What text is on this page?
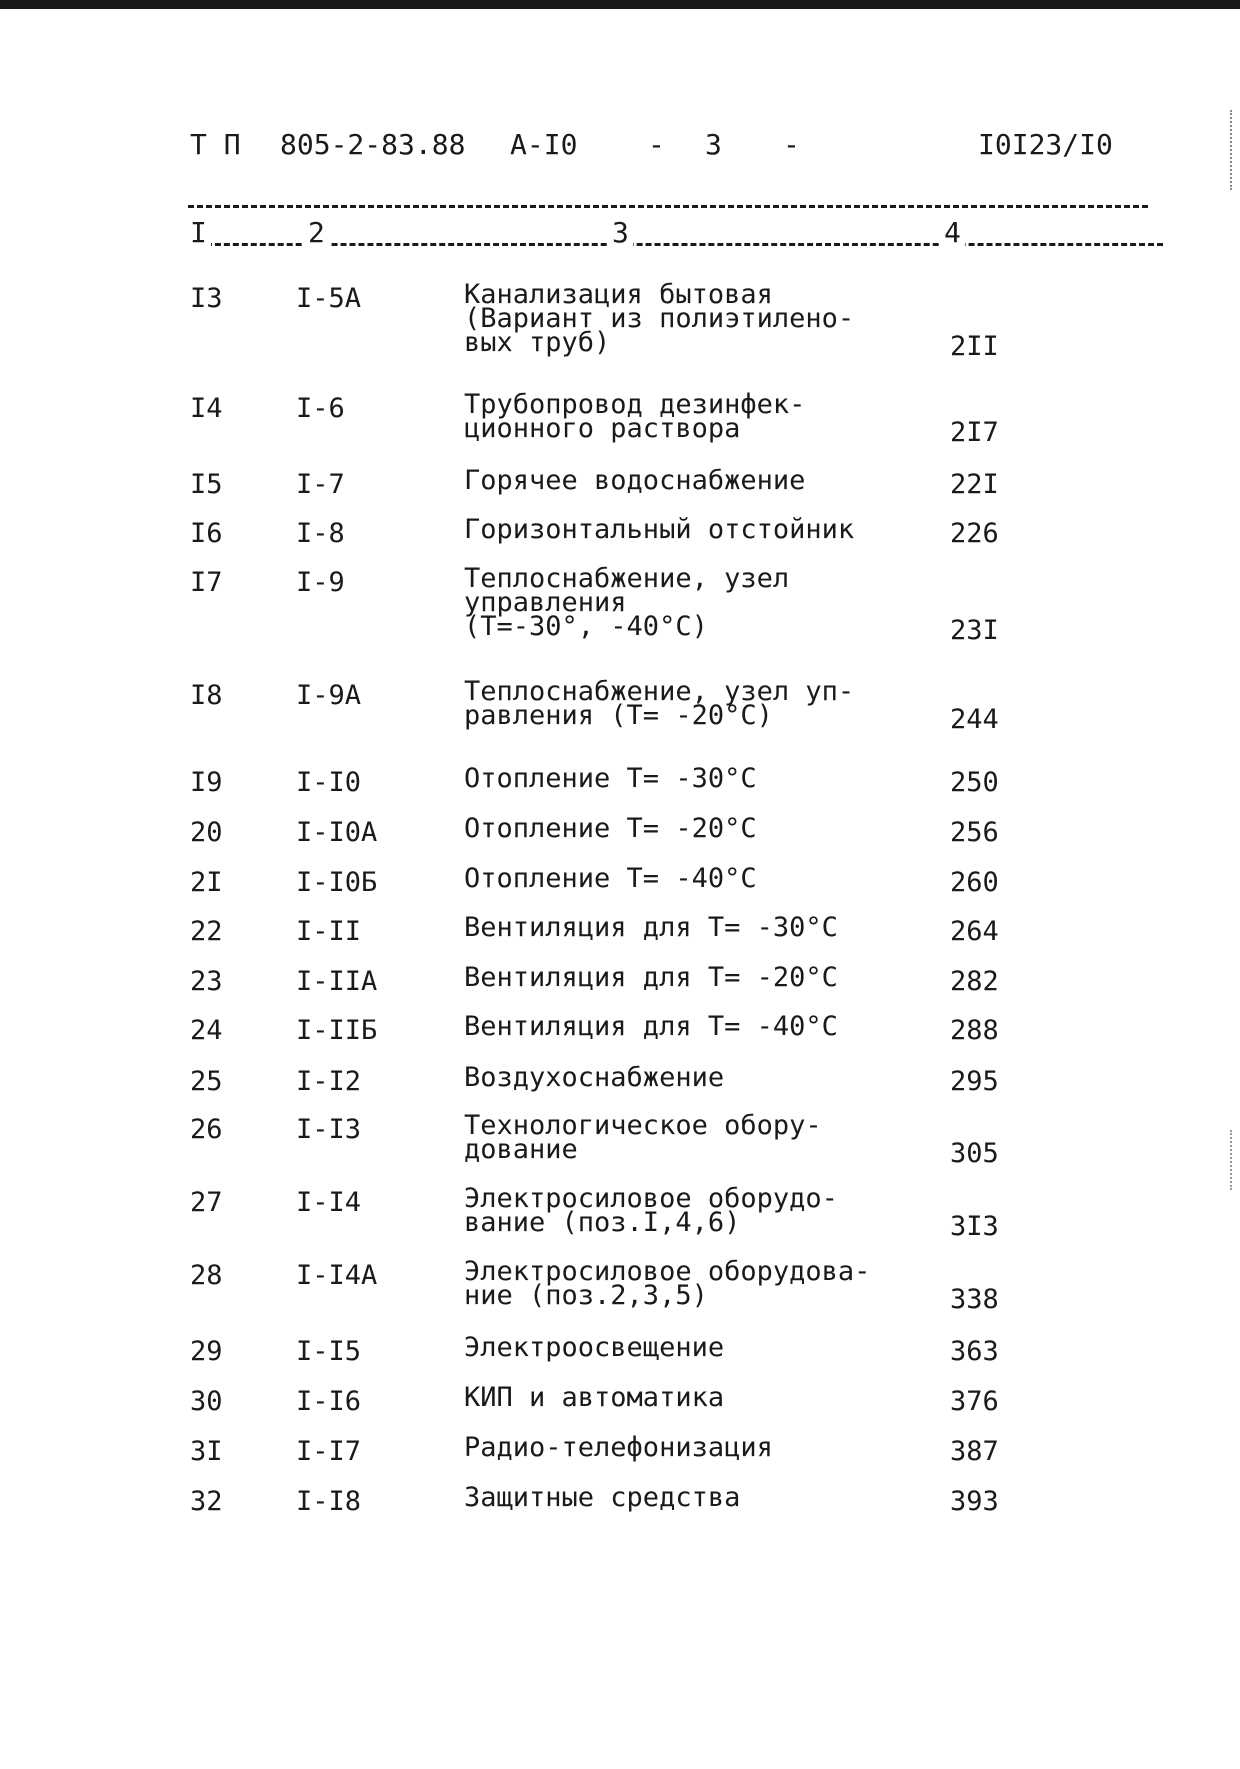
Т П 805-2-83.88 А-I0	- 3 -	I0I23/I0
I	2	3	4
I3	I-5А	Канализация бытовая
(Вариант из полиэтилено-
вых труб)	2II
I4	I-6	Трубопровод дезинфек-
ционного раствора	2I7
I5	I-7	Горячее водоснабжение	22I
I6	I-8	Горизонтальный отстойник	226
I7	I-9	Теплоснабжение, узел
управления
(Т=-30°, -40°С)	23I
I8	I-9А	Теплоснабжение, узел уп-
равления (Т= -20°С)	244
I9	I-I0	Отопление Т= -30°С	250
20	I-I0А	Отопление Т= -20°С	256
2I	I-I0Б	Отопление Т= -40°С	260
22	I-II	Вентиляция для Т= -30°С	264
23	I-IIА	Вентиляция для Т= -20°С	282
24	I-IIБ	Вентиляция для Т= -40°С	288
25	I-I2	Воздухоснабжение	295
26	I-I3	Технологическое обору-
дование	305
27	I-I4	Электросиловое оборудо-
вание (поз.I,4,6)	3I3
28	I-I4А	Электросиловое оборудова-
ние (поз.2,3,5)	338
29	I-I5	Электроосвещение	363
30	I-I6	КИП и автоматика	376
3I	I-I7	Радио-телефонизация	387
32	I-I8	Защитные средства	393
